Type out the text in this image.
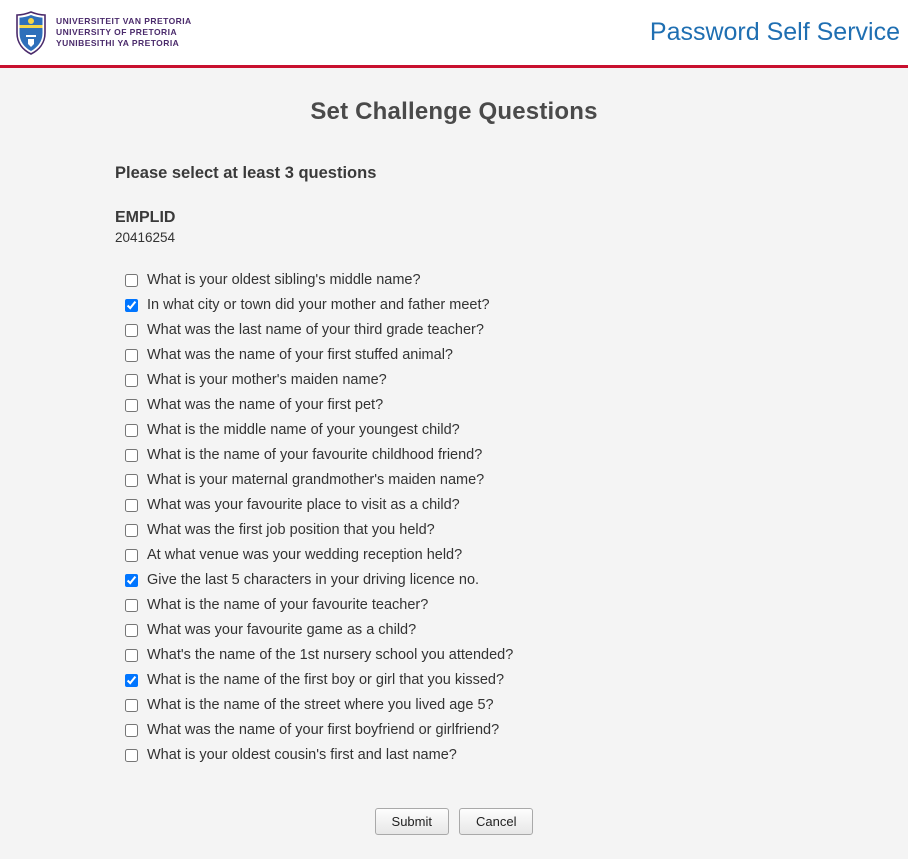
UNIVERSITEIT VAN PRETORIA
UNIVERSITY OF PRETORIA
YUNIBESITHI YA PRETORIA	Password Self Service
Set Challenge Questions
Please select at least 3 questions
EMPLID
20416254
What is your oldest sibling's middle name?
In what city or town did your mother and father meet?
What was the last name of your third grade teacher?
What was the name of your first stuffed animal?
What is your mother's maiden name?
What was the name of your first pet?
What is the middle name of your youngest child?
What is the name of your favourite childhood friend?
What is your maternal grandmother's maiden name?
What was your favourite place to visit as a child?
What was the first job position that you held?
At what venue was your wedding reception held?
Give the last 5 characters in your driving licence no.
What is the name of your favourite teacher?
What was your favourite game as a child?
What's the name of the 1st nursery school you attended?
What is the name of the first boy or girl that you kissed?
What is the name of the street where you lived age 5?
What was the name of your first boyfriend or girlfriend?
What is your oldest cousin's first and last name?
Submit	Cancel
